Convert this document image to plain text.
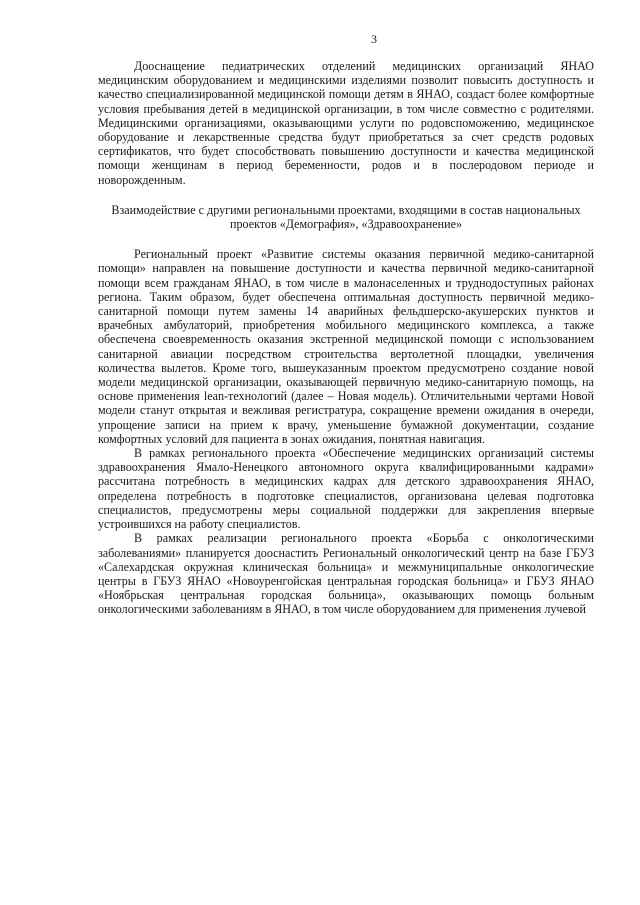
3

Дооснащение педиатрических отделений медицинских организаций ЯНАО медицинским оборудованием и медицинскими изделиями позволит повысить доступность и качество специализированной медицинской помощи детям в ЯНАО, создаст более комфортные условия пребывания детей в медицинской организации, в том числе совместно с родителями. Медицинскими организациями, оказывающими услуги по родовспоможению, медицинское оборудование и лекарственные средства будут приобретаться за счет средств родовых сертификатов, что будет способствовать повышению доступности и качества медицинской помощи женщинам в период беременности, родов и в послеродовом периоде и новорожденным.

Взаимодействие с другими региональными проектами, входящими в состав национальных проектов «Демография», «Здравоохранение»

Региональный проект «Развитие системы оказания первичной медико-санитарной помощи» направлен на повышение доступности и качества первичной медико-санитарной помощи всем гражданам ЯНАО, в том числе в малонаселенных и труднодоступных районах региона. Таким образом, будет обеспечена оптимальная доступность первичной медико-санитарной помощи путем замены 14 аварийных фельдшерско-акушерских пунктов и врачебных амбулаторий, приобретения мобильного медицинского комплекса, а также обеспечена своевременность оказания экстренной медицинской помощи с использованием санитарной авиации посредством строительства вертолетной площадки, увеличения количества вылетов. Кроме того, вышеуказанным проектом предусмотрено создание новой модели медицинской организации, оказывающей первичную медико-санитарную помощь, на основе применения lean-технологий (далее – Новая модель). Отличительными чертами Новой модели станут открытая и вежливая регистратура, сокращение времени ожидания в очереди, упрощение записи на прием к врачу, уменьшение бумажной документации, создание комфортных условий для пациента в зонах ожидания, понятная навигация.

В рамках регионального проекта «Обеспечение медицинских организаций системы здравоохранения Ямало-Ненецкого автономного округа квалифицированными кадрами» рассчитана потребность в медицинских кадрах для детского здравоохранения ЯНАО, определена потребность в подготовке специалистов, организована целевая подготовка специалистов, предусмотрены меры социальной поддержки для закрепления впервые устроившихся на работу специалистов.

В рамках реализации регионального проекта «Борьба с онкологическими заболеваниями» планируется дооснастить Региональный онкологический центр на базе ГБУЗ «Салехардская окружная клиническая больница» и межмуниципальные онкологические центры в ГБУЗ ЯНАО «Новоуренгойская центральная городская больница» и ГБУЗ ЯНАО «Ноябрьская центральная городская больница», оказывающих помощь больным онкологическими заболеваниям в ЯНАО, в том числе оборудованием для применения лучевой
